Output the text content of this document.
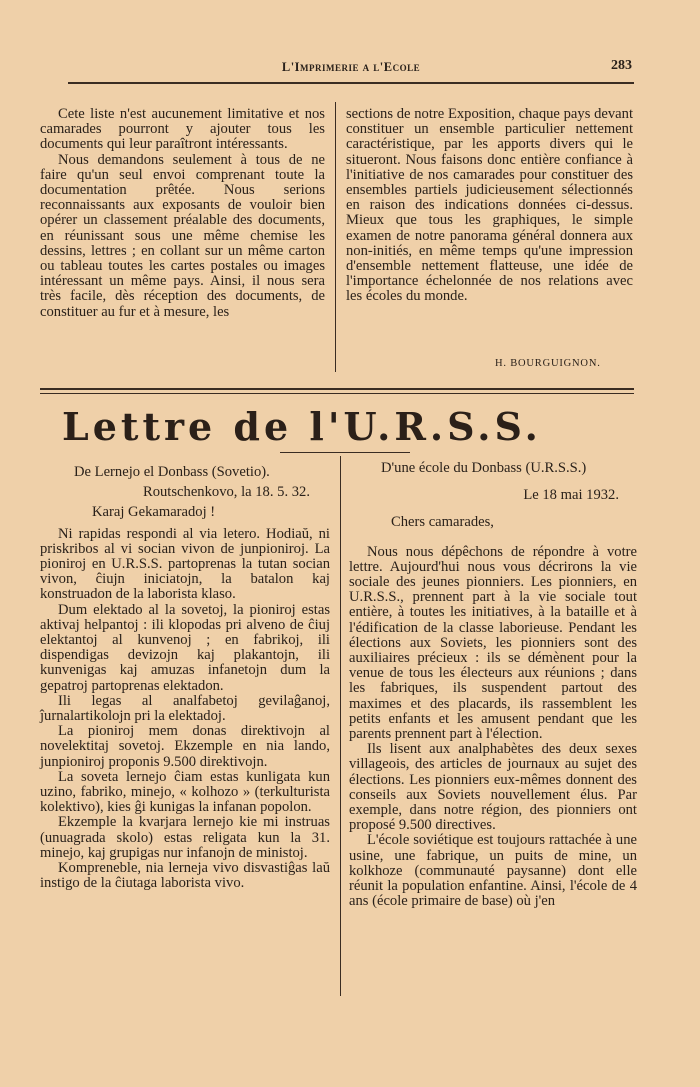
L'Imprimerie a l'Ecole	283

Cete liste n'est aucunement limitative et nos camarades pourront y ajouter tous les documents qui leur paraîtront intéressants.

Nous demandons seulement à tous de ne faire qu'un seul envoi comprenant toute la documentation prêtée. Nous serions reconnaissants aux exposants de vouloir bien opérer un classement préalable des documents, en réunissant sous une même chemise les dessins, lettres ; en collant sur un même carton ou tableau toutes les cartes postales ou images intéressant un même pays. Ainsi, il nous sera très facile, dès réception des documents, de constituer au fur et à mesure, les

sections de notre Exposition, chaque pays devant constituer un ensemble particulier nettement caractéristique, par les apports divers qui le situeront. Nous faisons donc entière confiance à l'initiative de nos camarades pour constituer des ensembles partiels judicieusement sélectionnés en raison des indications données ci-dessus. Mieux que tous les graphiques, le simple examen de notre panorama général donnera aux non-initiés, en même temps qu'une impression d'ensemble nettement flatteuse, une idée de l'importance échelonnée de nos relations avec les écoles du monde.

H. BOURGUIGNON.
Lettre de l'U.R.S.S.

De Lernejo el Donbass (Sovetio).

Routschenkovo, la 18. 5. 32.

Karaj Gekamaradoj !

Ni rapidas respondi al via letero. Hodiaŭ, ni priskribos al vi socian vivon de junpioniroj. La pioniroj en U.R.S.S. partoprenas la tutan socian vivon, ĉiujn iniciatojn, la batalon kaj konstruadon de la laborista klaso.

Dum elektado al la sovetoj, la pioniroj estas aktivaj helpantoj : ili klopodas pri alveno de ĉiuj elektantoj al kunvenoj ; en fabrikoj, ili dispendigas devizojn kaj plakantojn, ili kunvenigas kaj amuzas infanetojn dum la gepatroj partoprenas elektadon.

Ili legas al analfabetoj gevilaĝanoj, ĵurnalartikolojn pri la elektadoj.

La pioniroj mem donas direktivojn al novelektitaj sovetoj. Ekzemple en nia lando, junpioniroj proponis 9.500 direktivojn.

La soveta lernejo ĉiam estas kunligata kun uzino, fabriko, minejo, « kolhozo » (terkulturista kolektivo), kies ĝi kunigas la infanan popolon.

Ekzemple la kvarjara lernejo kie mi instruas (unuagrada skolo) estas religata kun la 31. minejo, kaj grupigas nur infanojn de ministoj.

Kompreneble, nia lerneja vivo disvastiĝas laŭ instigo de la ĉiutaga laborista vivo.

D'une école du Donbass (U.R.S.S.)

Le 18 mai 1932.

Chers camarades,

Nous nous dépêchons de répondre à votre lettre. Aujourd'hui nous vous décrirons la vie sociale des jeunes pionniers. Les pionniers, en U.R.S.S., prennent part à la vie sociale tout entière, à toutes les initiatives, à la bataille et à l'édification de la classe laborieuse. Pendant les élections aux Soviets, les pionniers sont des auxiliaires précieux : ils se démènent pour la venue de tous les électeurs aux réunions ; dans les fabriques, ils suspendent partout des maximes et des placards, ils rassemblent les petits enfants et les amusent pendant que les parents prennent part à l'élection.

Ils lisent aux analphabètes des deux sexes villageois, des articles de journaux au sujet des élections. Les pionniers eux-mêmes donnent des conseils aux Soviets nouvellement élus. Par exemple, dans notre région, des pionniers ont proposé 9.500 directives.

L'école soviétique est toujours rattachée à une usine, une fabrique, un puits de mine, un kolkhoze (communauté paysanne) dont elle réunit la population enfantine. Ainsi, l'école de 4 ans (école primaire de base) où j'en
